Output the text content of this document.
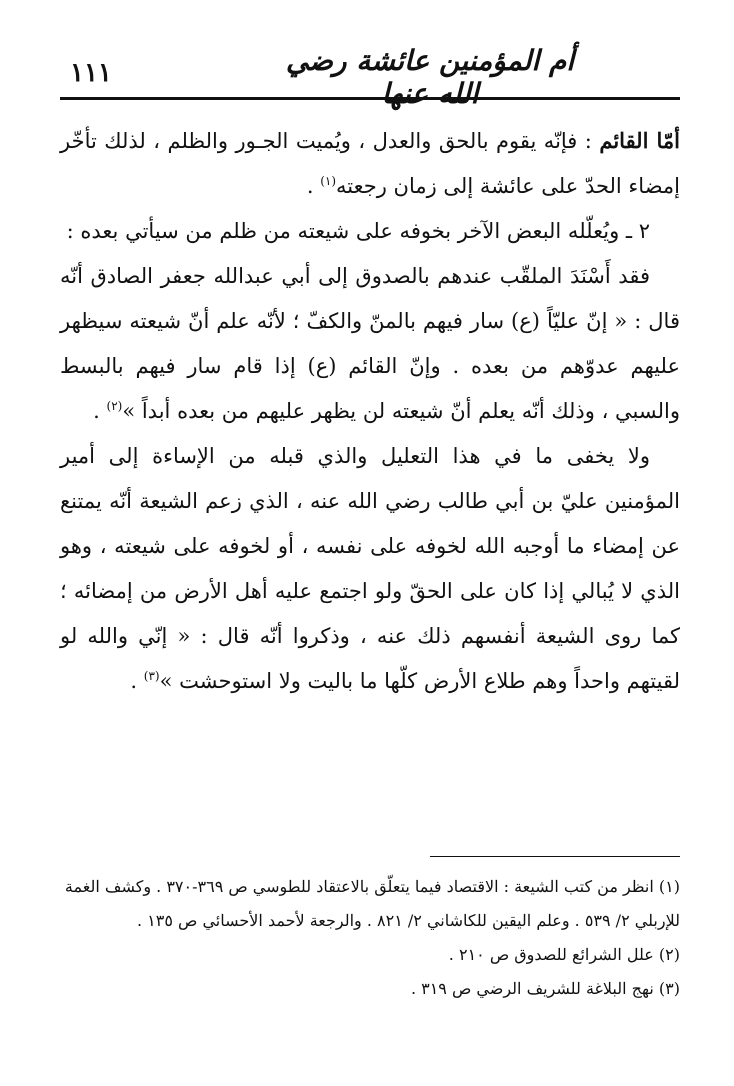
١١١	أم المؤمنين عائشة رضي الله عنها

أمّا القائم : فإنّه يقوم بالحق والعدل ، ويُميت الجـور والظلم ، لذلك تأخّر إمضاء الحدّ على عائشة إلى زمان رجعته$^{(١)}$ .

٢ ـ ويُعلّله البعض الآخر بخوفه على شيعته من ظلم من سيأتي بعده :

فقد أَسْنَدَ الملقّب عندهم بالصدوق إلى أبي عبدالله جعفر الصادق أنّه قال : « إنّ عليّاً (ع) سار فيهم بالمنّ والكفّ ؛ لأنّه علم أنّ شيعته سيظهر عليهم عدوّهم من بعده . وإنّ القائم (ع) إذا قام سار فيهم بالبسط والسبي ، وذلك أنّه يعلم أنّ شيعته لن يظهر عليهم من بعده أبداً »$^{(٢)}$ .

ولا يخفى ما في هذا التعليل والذي قبله من الإساءة إلى أمير المؤمنين عليّ بن أبي طالب رضي الله عنه ، الذي زعم الشيعة أنّه يمتنع عن إمضاء ما أوجبه الله لخوفه على نفسه ، أو لخوفه على شيعته ، وهو الذي لا يُبالي إذا كان على الحقّ ولو اجتمع عليه أهل الأرض من إمضائه ؛ كما روى الشيعة أنفسهم ذلك عنه ، وذكروا أنّه قال : « إنّي والله لو لقيتهم واحداً وهم طلاع الأرض كلّها ما باليت ولا استوحشت »$^{(٣)}$ .

(١) انظر من كتب الشيعة : الاقتصاد فيما يتعلّق بالاعتقاد للطوسي ص ٣٦٩-٣٧٠ . وكشف الغمة للإربلي ٢/ ٥٣٩ . وعلم اليقين للكاشاني ٢/ ٨٢١ . والرجعة لأحمد الأحسائي ص ١٣٥ .

(٢) علل الشرائع للصدوق ص ٢١٠ .

(٣) نهج البلاغة للشريف الرضي ص ٣١٩ .
